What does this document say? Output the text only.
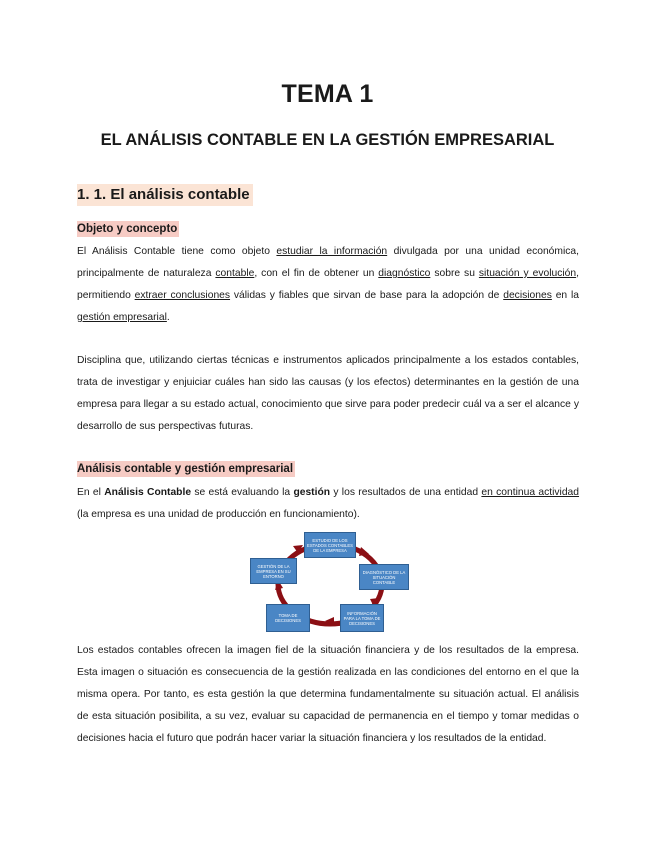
TEMA 1
EL ANÁLISIS CONTABLE EN LA GESTIÓN EMPRESARIAL
1. 1. El análisis contable
Objeto y concepto

El Análisis Contable tiene como objeto estudiar la información divulgada por una unidad económica, principalmente de naturaleza contable, con el fin de obtener un diagnóstico sobre su situación y evolución, permitiendo extraer conclusiones válidas y fiables que sirvan de base para la adopción de decisiones en la gestión empresarial.

Disciplina que, utilizando ciertas técnicas e instrumentos aplicados principalmente a los estados contables, trata de investigar y enjuiciar cuáles han sido las causas (y los efectos) determinantes en la gestión de una empresa para llegar a su estado actual, conocimiento que sirve para poder predecir cuál va a ser el alcance y desarrollo de sus perspectivas futuras.

Análisis contable y gestión empresarial

En el Análisis Contable se está evaluando la gestión y los resultados de una entidad en continua actividad (la empresa es una unidad de producción en funcionamiento).

ESTUDIO DE LOS ESTADOS CONTABLES DE LA EMPRESA
DIAGNÓSTICO DE LA SITUACIÓN CONTABLE
INFORMACIÓN PARA LA TOMA DE DECISIONES
TOMA DE DECISIONES
GESTIÓN DE LA EMPRESA EN SU ENTORNO

Los estados contables ofrecen la imagen fiel de la situación financiera y de los resultados de la empresa. Esta imagen o situación es consecuencia de la gestión realizada en las condiciones del entorno en el que la misma opera. Por tanto, es esta gestión la que determina fundamentalmente su situación actual. El análisis de esta situación posibilita, a su vez, evaluar su capacidad de permanencia en el tiempo y tomar medidas o decisiones hacia el futuro que podrán hacer variar la situación financiera y los resultados de la entidad.
